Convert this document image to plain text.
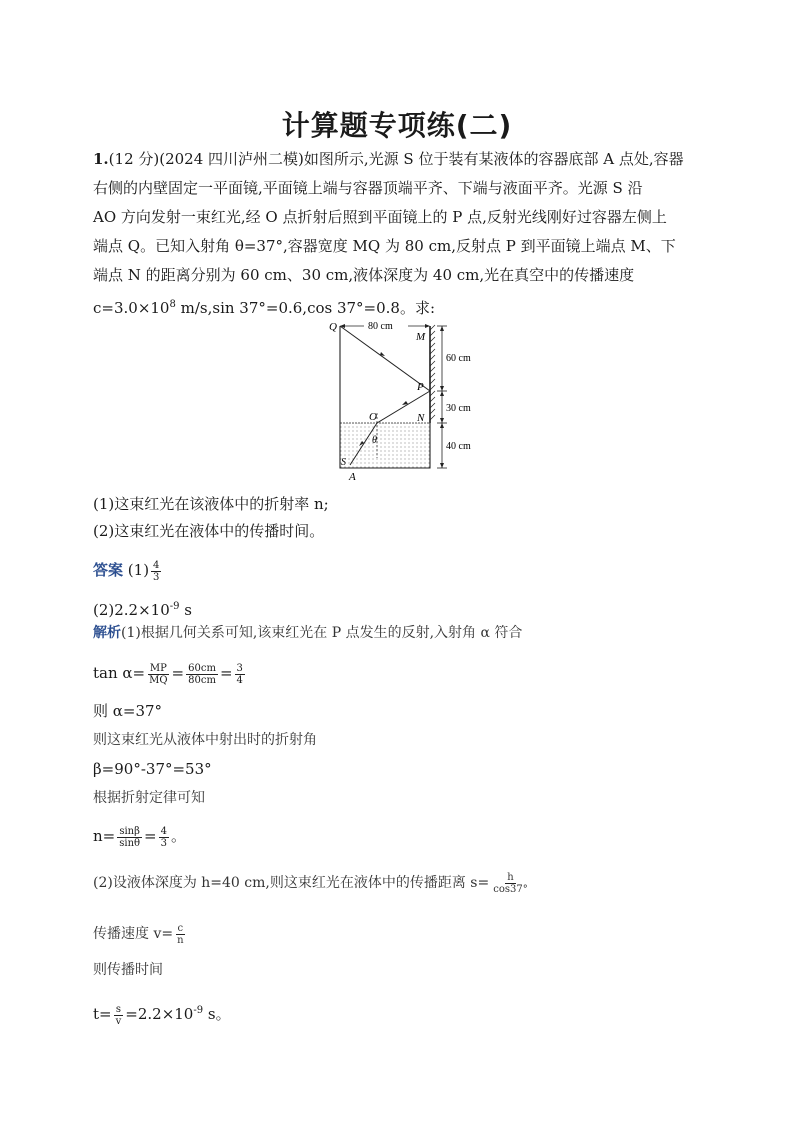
计算题专项练(二)
1.(12 分)(2024 四川泸州二模)如图所示,光源 S 位于装有某液体的容器底部 A 点处,容器
右侧的内壁固定一平面镜,平面镜上端与容器顶端平齐、下端与液面平齐。光源 S 沿
AO 方向发射一束红光,经 O 点折射后照到平面镜上的 P 点,反射光线刚好过容器左侧上
端点 Q。已知入射角 θ=37°,容器宽度 MQ 为 80 cm,反射点 P 到平面镜上端点 M、下
端点 N 的距离分别为 60 cm、30 cm,液体深度为 40 cm,光在真空中的传播速度
$c=3.0\times 10^8$ m/s,sin 37°=0.6,cos 37°=0.8。求:
Q
M
P
N
O
θ
S
A
80 cm
60 cm
30 cm
40 cm
(1)这束红光在该液体中的折射率 n;
(2)这束红光在液体中的传播时间。
答案 $(1) \frac{4}{3}$
$(2)2.2\times 10^{-9}$ s
解析(1)根据几何关系可知,该束红光在 P 点发生的反射,入射角 α 符合
$\tan \alpha= \frac{MP}{MQ} = \frac{60cm}{80cm} = \frac{3}{4}$
则 α=37°
则这束红光从液体中射出时的折射角
β=90°-37°=53°
根据折射定律可知
$n= \frac{\sin\beta}{\sin\theta} = \frac{4}{3}$ 。
(2)设液体深度为 h=40 cm,则这束红光在液体中的传播距离 $s= \frac{h}{\cos 37^\circ}$
传播速度 $v= \frac{c}{n}$
则传播时间
$t= \frac{s}{v} =2.2\times 10^{-9}$ s。
